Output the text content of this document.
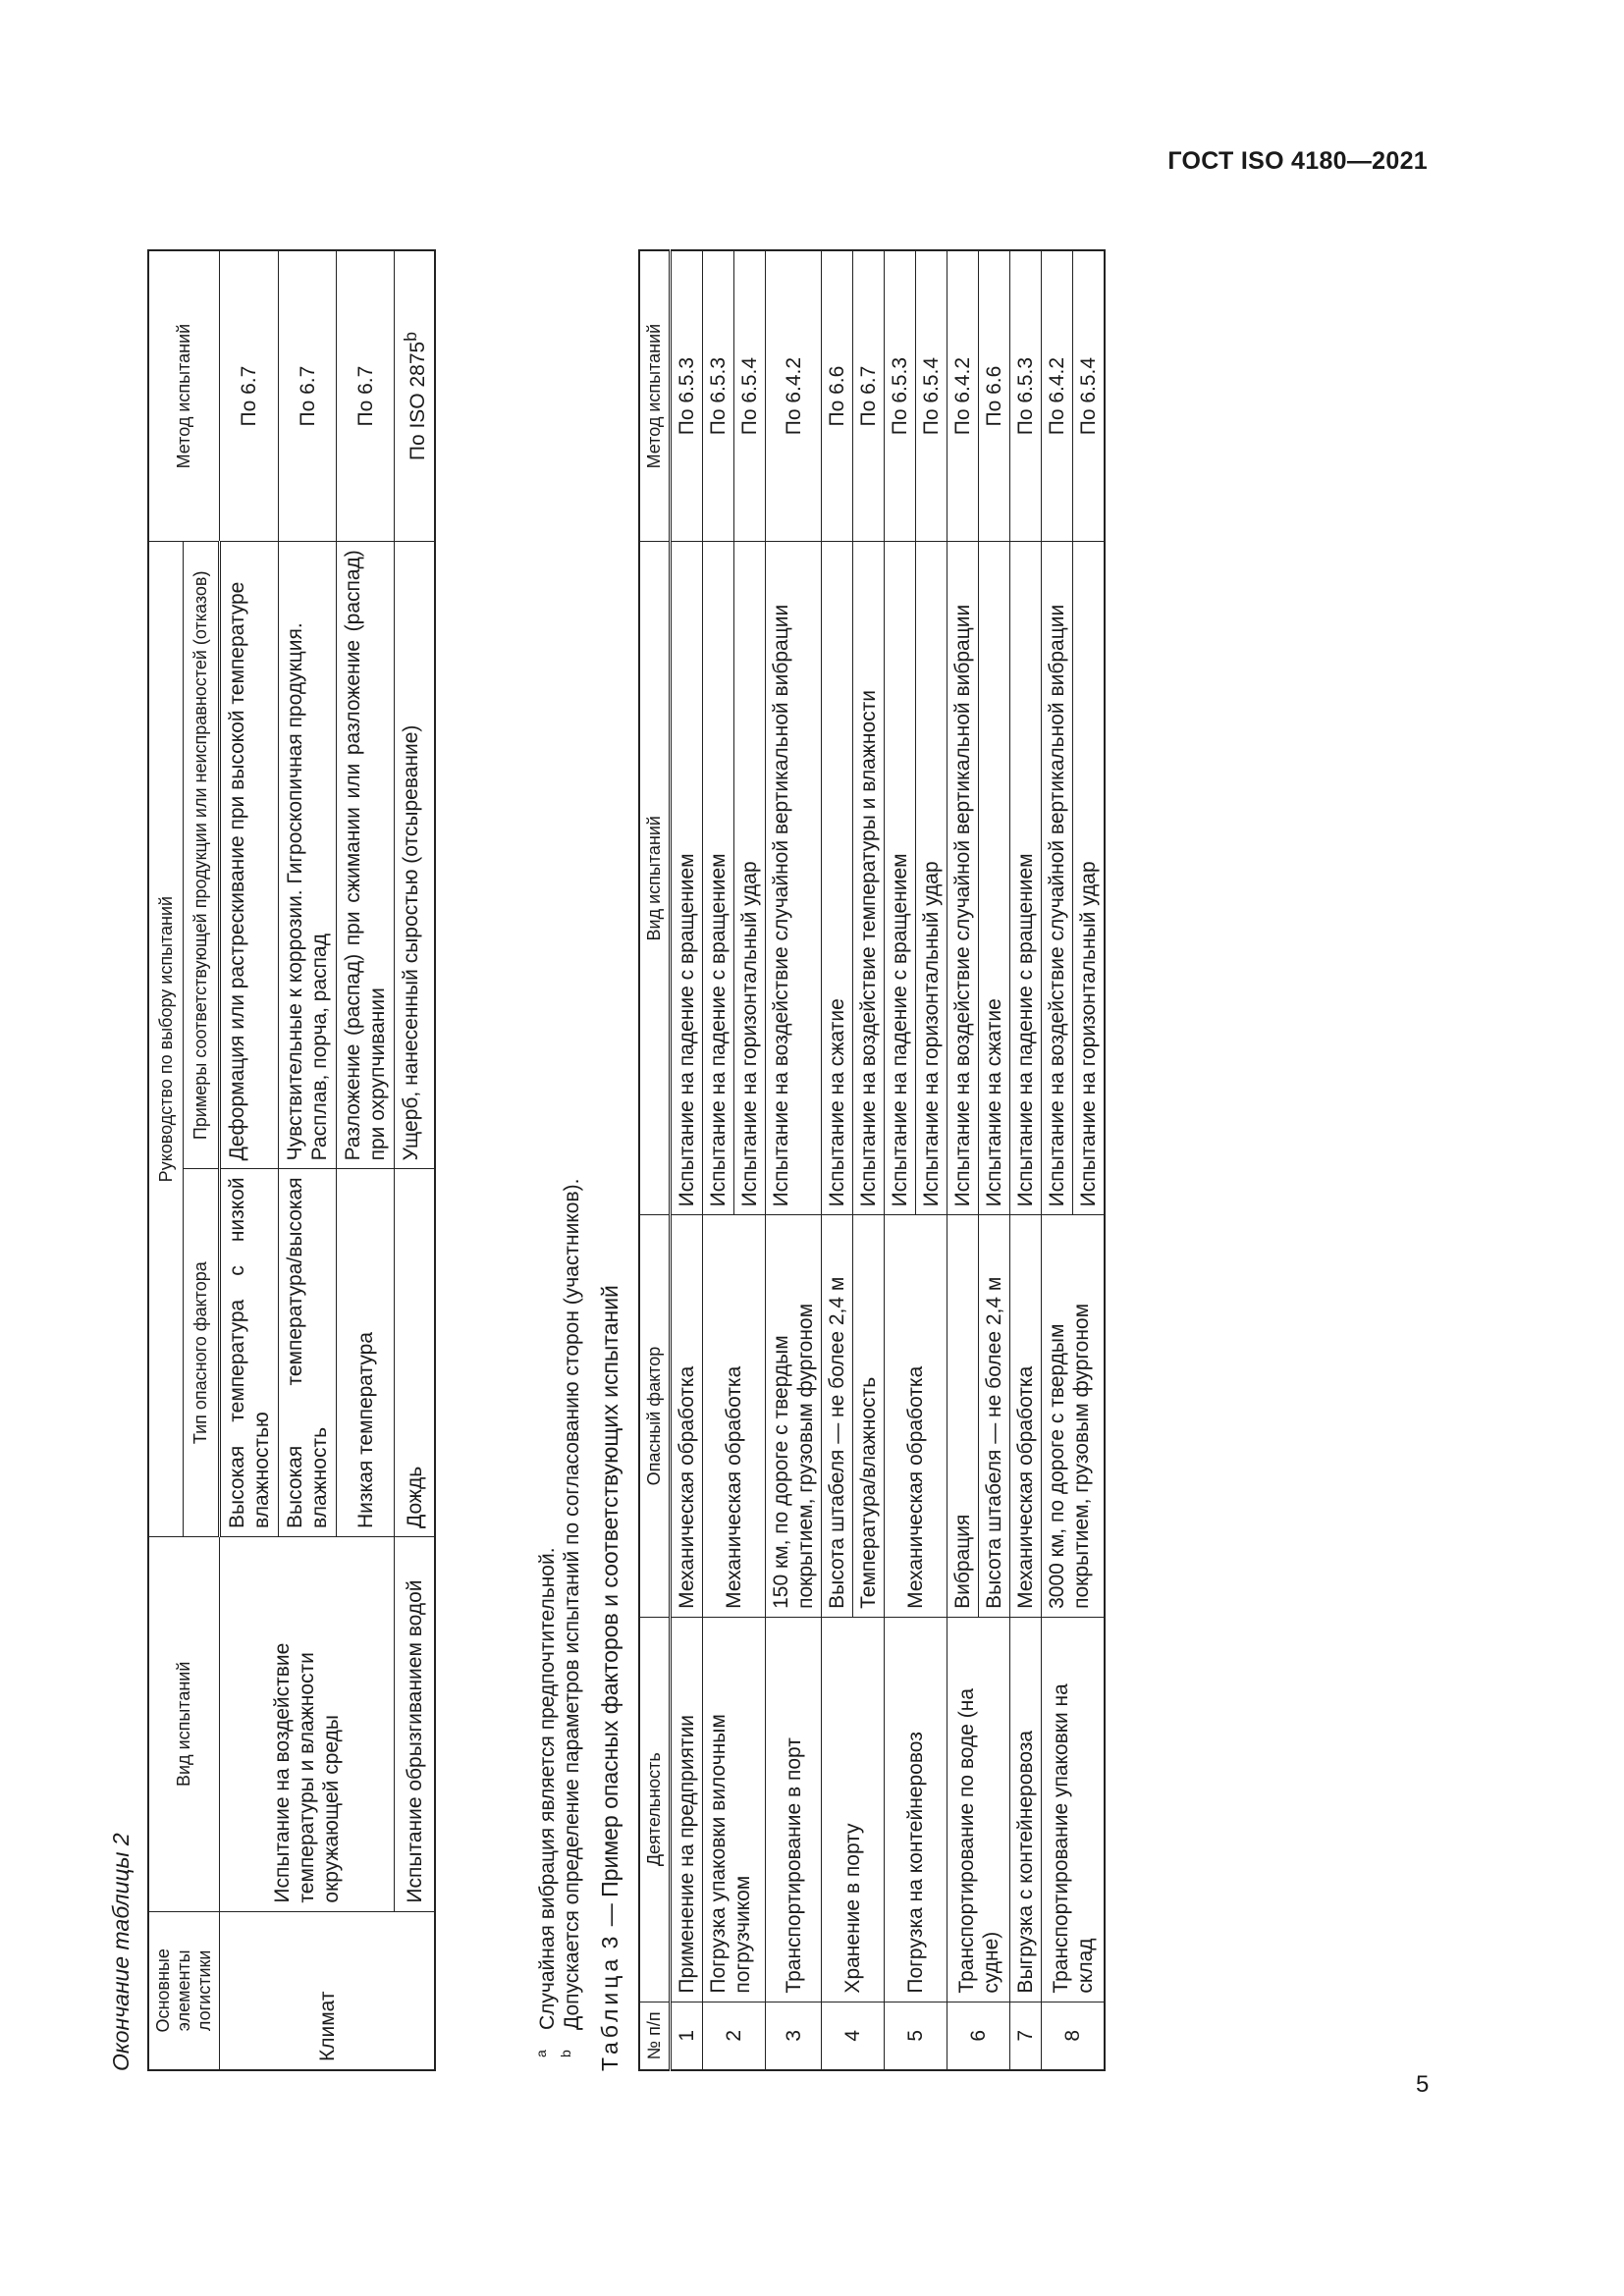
ГОСТ ISO 4180—2021
Окончание таблицы 2 Основные элементы логистики	Вид испытаний	Руководство по выбору испытаний		Метод испытаний
		Тип опасного фактора	Примеры соответствующей продукции или неисправностей (отказов)	
Климат	Испытание на воздействие температуры и влажности окружающей среды	Высокая температура с низкой влажностью	Деформация или растрескивание при высокой температуре	По 6.7
		Высокая температура/высокая влажность	Чувствительные к коррозии. Гигроскопичная продукция. Расплав, порча, распад	По 6.7
		Низкая температура	Разложение (распад) при сжимании или разложение (распад) при охрупчивании	По 6.7
	Испытание обрызгиванием водой	Дождь	Ущерб, нанесенный сыростью (отсыревание)	По ISO 2875$^b$
a
Случайная вибрация является предпочтительной.
b
Допускается определение параметров испытаний по согласованию сторон (участников). Таблица 3 — Пример опасных факторов и соответствующих испытаний
№ п/п	Деятельность	Опасный фактор	Вид испытаний	Метод испытаний
1	Применение на предприятии	Механическая обработка	Испытание на падение с вращением	По 6.5.3
2	Погрузка упаковки вилочным погрузчиком	Механическая обработка	Испытание на падение с вращением	По 6.5.3
			Испытание на горизонтальный удар	По 6.5.4
3	Транспортирование в порт	150 км, по дороге с твердым покрытием, грузовым фургоном	Испытание на воздействие случайной вертикальной вибрации	По 6.4.2
4	Хранение в порту	Высота штабеля — не более 2,4 м	Испытание на сжатие	По 6.6
		Температура/влажность	Испытание на воздействие температуры и влажности	По 6.7
5	Погрузка на контейнеровоз	Механическая обработка	Испытание на падение с вращением	По 6.5.3
			Испытание на горизонтальный удар	По 6.5.4
6	Транспортирование по воде (на судне)	Вибрация	Испытание на воздействие случайной вертикальной вибрации	По 6.4.2
		Высота штабеля — не более 2,4 м	Испытание на сжатие	По 6.6
7	Выгрузка с контейнеровоза	Механическая обработка	Испытание на падение с вращением	По 6.5.3
8	Транспортирование упаковки на склад	3000 км, по дороге с твердым покрытием, грузовым фургоном	Испытание на воздействие случайной вертикальной вибрации	По 6.4.2
			Испытание на горизонтальный удар	По 6.5.4
5
